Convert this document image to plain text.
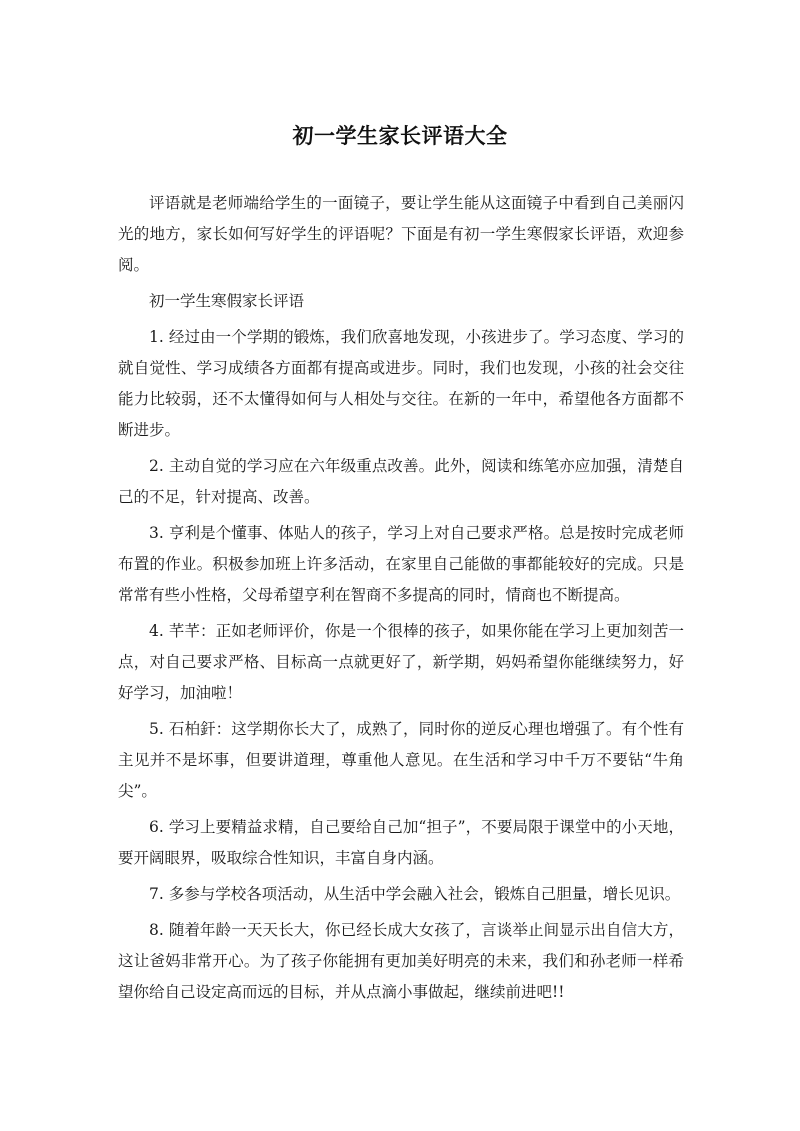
初一学生家长评语大全

评语就是老师端给学生的一面镜子，要让学生能从这面镜子中看到自己美丽闪光的地方，家长如何写好学生的评语呢？下面是有初一学生寒假家长评语，欢迎参阅。

初一学生寒假家长评语

1. 经过由一个学期的锻炼，我们欣喜地发现，小孩进步了。学习态度、学习的就自觉性、学习成绩各方面都有提高或进步。同时，我们也发现，小孩的社会交往能力比较弱，还不太懂得如何与人相处与交往。在新的一年中，希望他各方面都不断进步。

2. 主动自觉的学习应在六年级重点改善。此外，阅读和练笔亦应加强，清楚自己的不足，针对提高、改善。

3. 亨利是个懂事、体贴人的孩子，学习上对自己要求严格。总是按时完成老师布置的作业。积极参加班上许多活动，在家里自己能做的事都能较好的完成。只是常常有些小性格，父母希望亨利在智商不多提高的同时，情商也不断提高。

4. 芊芊：正如老师评价，你是一个很棒的孩子，如果你能在学习上更加刻苦一点，对自己要求严格、目标高一点就更好了，新学期，妈妈希望你能继续努力，好好学习，加油啦！

5. 石柏釬：这学期你长大了，成熟了，同时你的逆反心理也增强了。有个性有主见并不是坏事，但要讲道理，尊重他人意见。在生活和学习中千万不要钻“牛角尖”。

6. 学习上要精益求精，自己要给自己加“担子”，不要局限于课堂中的小天地，要开阔眼界，吸取综合性知识，丰富自身内涵。

7. 多参与学校各项活动，从生活中学会融入社会，锻炼自己胆量，增长见识。

8. 随着年龄一天天长大，你已经长成大女孩了，言谈举止间显示出自信大方，这让爸妈非常开心。为了孩子你能拥有更加美好明亮的未来，我们和孙老师一样希望你给自己设定高而远的目标，并从点滴小事做起，继续前进吧!!
